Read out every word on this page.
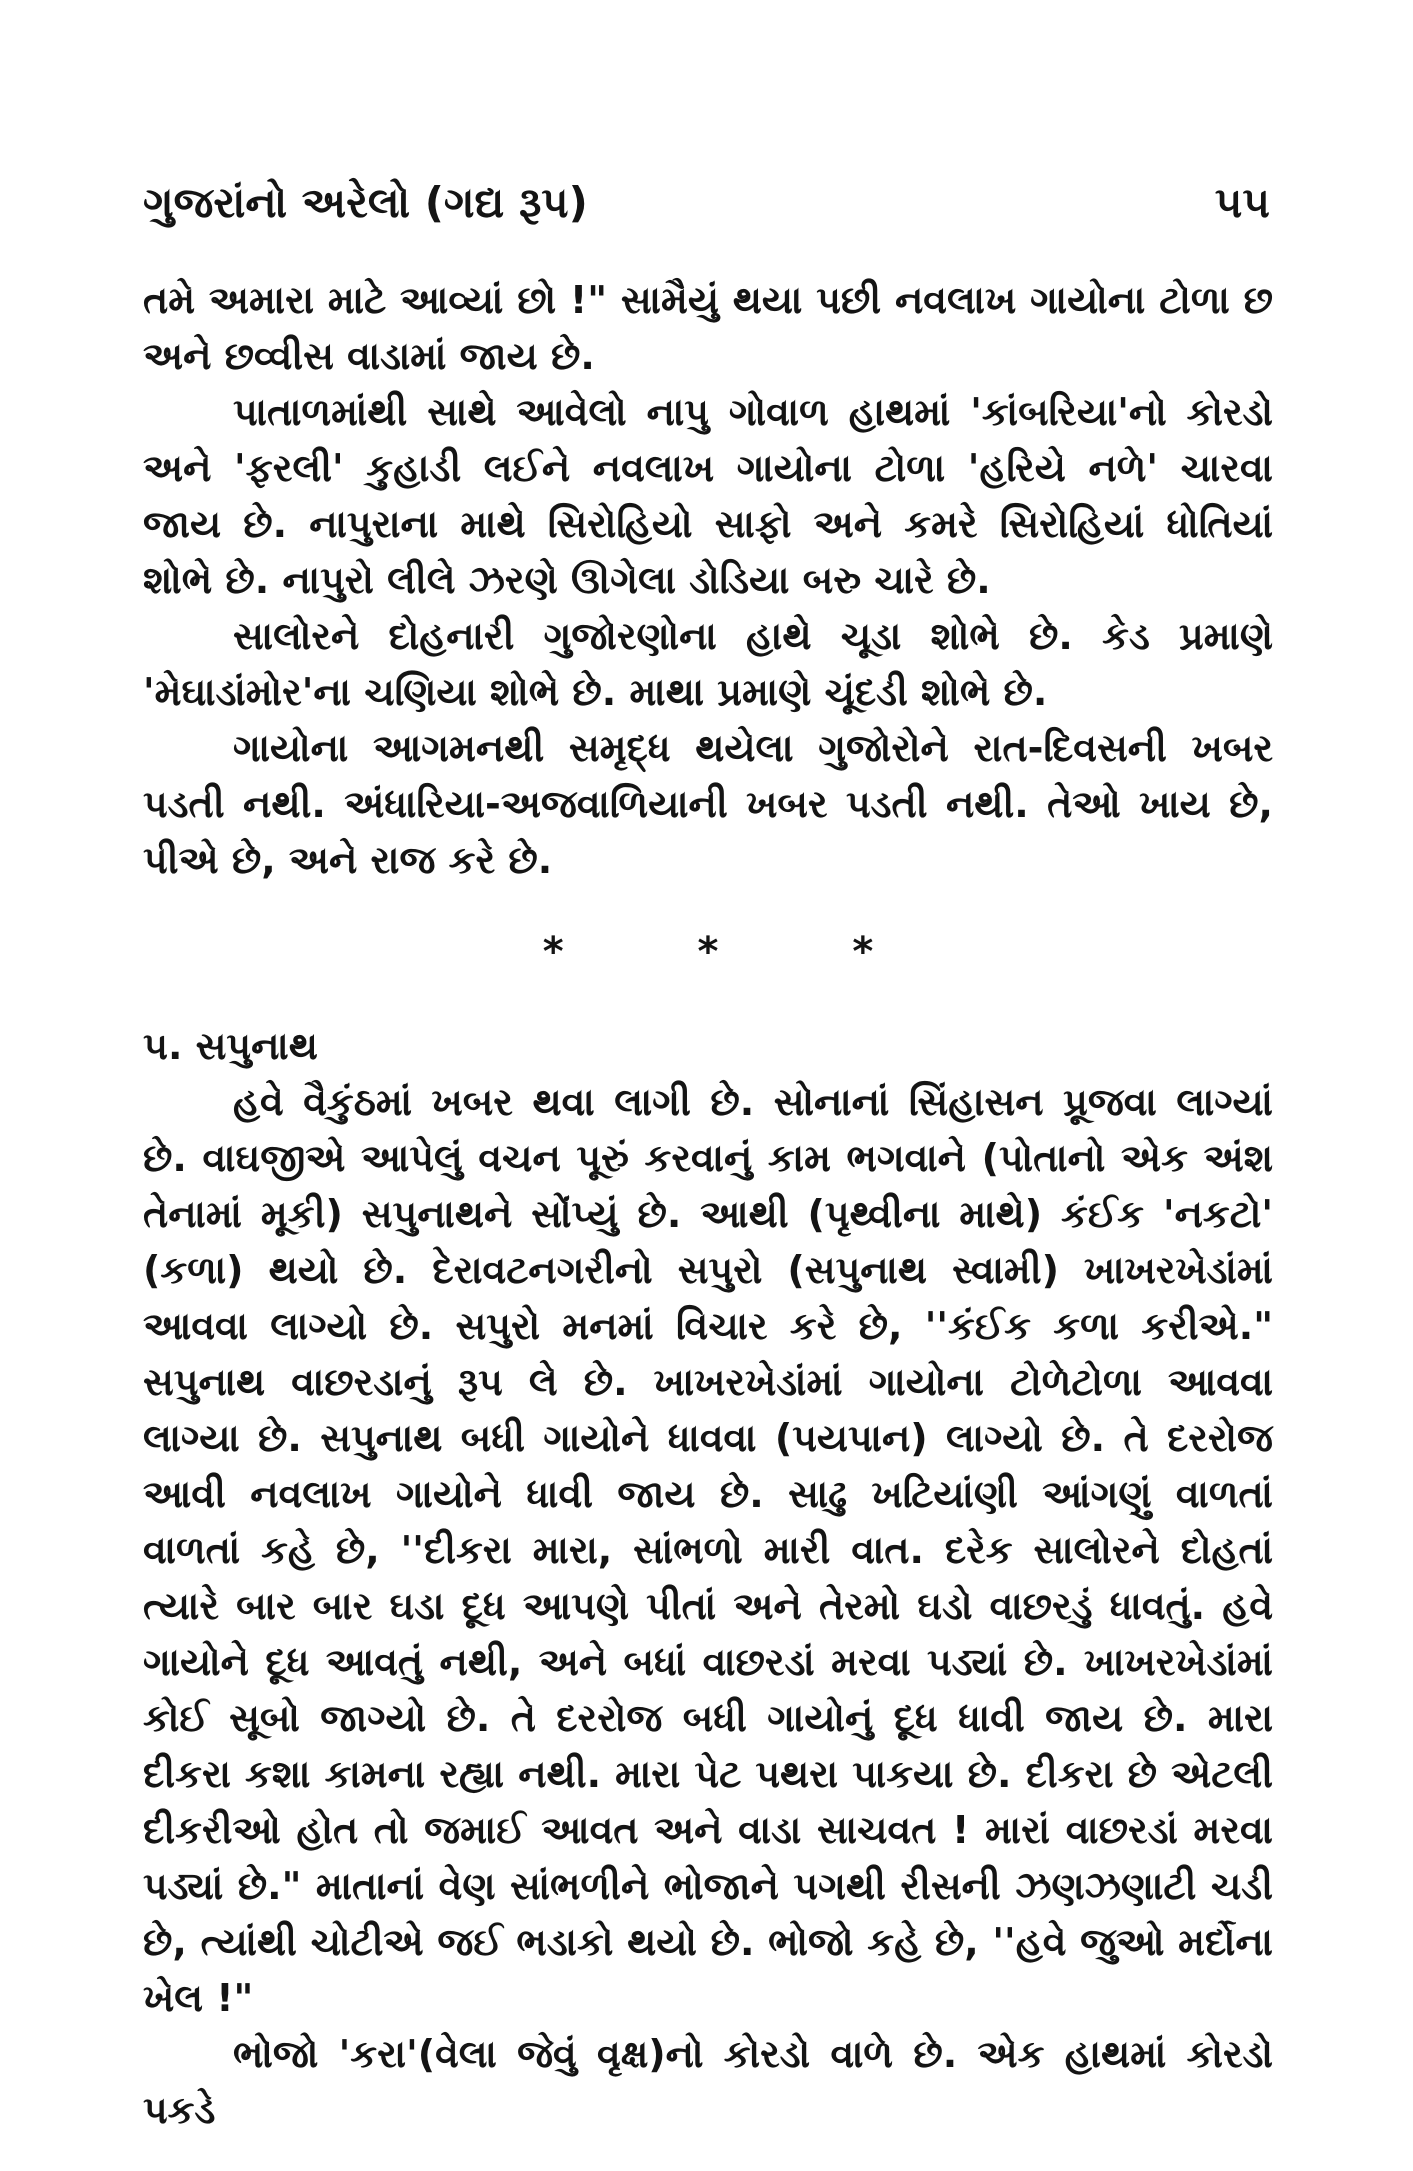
ગુજરાંનો અરેલો (ગદ્ય રૂપ)	૫૫

તમે અમારા માટે આવ્યાં છો !" સામૈયું થયા પછી નવલાખ ગાયોના ટોળા છ અને છવ્વીસ વાડામાં જાય છે.

પાતાળમાંથી સાથે આવેલો નાપુ ગોવાળ હાથમાં 'કાંબરિયા'નો કોરડો અને 'ફરલી' કુહાડી લઈને નવલાખ ગાયોના ટોળા 'હરિયે નળે' ચારવા જાય છે. નાપુરાના માથે સિરોહિયો સાફો અને કમરે સિરોહિયાં ધોતિયાં શોભે છે. નાપુરો લીલે ઝરણે ઊગેલા ડોડિયા બરુ ચારે છે.

સાલોરને દોહનારી ગુજોરણોના હાથે ચૂડા શોભે છે. કેડ પ્રમાણે 'મેઘાડાંમોર'ના ચણિયા શોભે છે. માથા પ્રમાણે ચૂંદડી શોભે છે.

ગાયોના આગમનથી સમૃદ્ધ થયેલા ગુજોરોને રાત-દિવસની ખબર પડતી નથી. અંધારિયા-અજવાળિયાની ખબર પડતી નથી. તેઓ ખાય છે, પીએ છે, અને રાજ કરે છે.

* * *

૫. સપુનાથ

હવે વૈકુંઠમાં ખબર થવા લાગી છે. સોનાનાં સિંહાસન પ્રૂજવા લાગ્યાં છે. વાઘજીએ આપેલું વચન પૂરું કરવાનું કામ ભગવાને (પોતાનો એક અંશ તેનામાં મૂકી) સપુનાથને સોંપ્યું છે. આથી (પૃથ્વીના માથે) કંઈક 'નકટો' (કળા) થયો છે. દેરાવટનગરીનો સપુરો (સપુનાથ સ્વામી) ખાખરખેડાંમાં આવવા લાગ્યો છે. સપુરો મનમાં વિચાર કરે છે, ''કંઈક કળા કરીએ." સપુનાથ વાછરડાનું રૂપ લે છે. ખાખરખેડાંમાં ગાયોના ટોળેટોળા આવવા લાગ્યા છે. સપુનાથ બધી ગાયોને ધાવવા (પયપાન) લાગ્યો છે. તે દરરોજ આવી નવલાખ ગાયોને ધાવી જાય છે. સાઢુ ખટિયાંણી આંગણું વાળતાં વાળતાં કહે છે, ''દીકરા મારા, સાંભળો મારી વાત. દરેક સાલોરને દોહતાં ત્યારે બાર બાર ઘડા દૂધ આપણે પીતાં અને તેરમો ઘડો વાછરડું ધાવતું. હવે ગાયોને દૂધ આવતું નથી, અને બધાં વાછરડાં મરવા પડ્યાં છે. ખાખરખેડાંમાં કોઈ સૂબો જાગ્યો છે. તે દરરોજ બધી ગાયોનું દૂધ ધાવી જાય છે. મારા દીકરા કશા કામના રહ્યા નથી. મારા પેટ પથરા પાકયા છે. દીકરા છે એટલી દીકરીઓ હોત તો જમાઈ આવત અને વાડા સાચવત ! મારાં વાછરડાં મરવા પડ્યાં છે." માતાનાં વેણ સાંભળીને ભોજાને પગથી રીસની ઝણઝણાટી ચડી છે, ત્યાંથી ચોટીએ જઈ ભડાકો થયો છે. ભોજો કહે છે, ''હવે જુઓ મર્દોના ખેલ !"

ભોજો 'કરા'(વેલા જેવું વૃક્ષ)નો કોરડો વાળે છે. એક હાથમાં કોરડો પકડે
